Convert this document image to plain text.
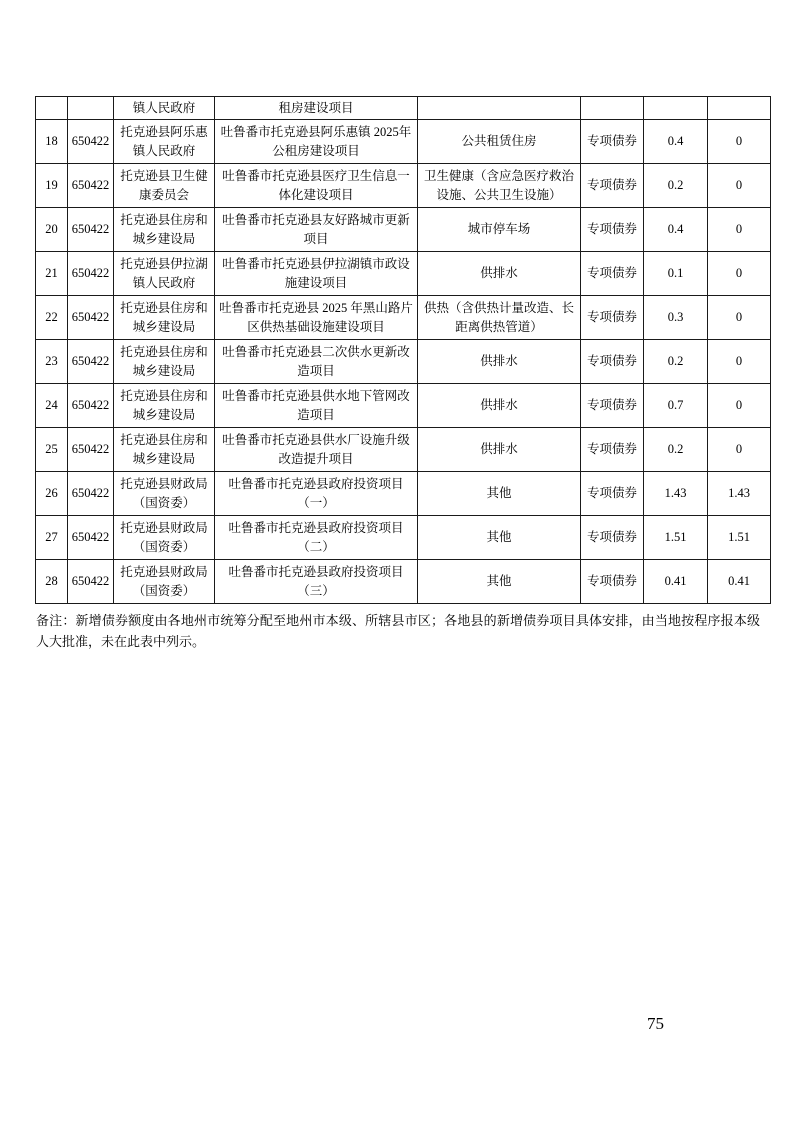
		镇人民政府	租房建设项目				
18	650422	托克逊县阿乐惠镇人民政府	吐鲁番市托克逊县阿乐惠镇 2025年公租房建设项目	公共租赁住房	专项债券	0.4	0
19	650422	托克逊县卫生健康委员会	吐鲁番市托克逊县医疗卫生信息一体化建设项目	卫生健康（含应急医疗救治设施、公共卫生设施）	专项债券	0.2	0
20	650422	托克逊县住房和城乡建设局	吐鲁番市托克逊县友好路城市更新项目	城市停车场	专项债券	0.4	0
21	650422	托克逊县伊拉湖镇人民政府	吐鲁番市托克逊县伊拉湖镇市政设施建设项目	供排水	专项债券	0.1	0
22	650422	托克逊县住房和城乡建设局	吐鲁番市托克逊县 2025 年黑山路片区供热基础设施建设项目	供热（含供热计量改造、长距离供热管道）	专项债券	0.3	0
23	650422	托克逊县住房和城乡建设局	吐鲁番市托克逊县二次供水更新改造项目	供排水	专项债券	0.2	0
24	650422	托克逊县住房和城乡建设局	吐鲁番市托克逊县供水地下管网改造项目	供排水	专项债券	0.7	0
25	650422	托克逊县住房和城乡建设局	吐鲁番市托克逊县供水厂设施升级改造提升项目	供排水	专项债券	0.2	0
26	650422	托克逊县财政局（国资委）	吐鲁番市托克逊县政府投资项目（一）	其他	专项债券	1.43	1.43
27	650422	托克逊县财政局（国资委）	吐鲁番市托克逊县政府投资项目（二）	其他	专项债券	1.51	1.51
28	650422	托克逊县财政局（国资委）	吐鲁番市托克逊县政府投资项目（三）	其他	专项债券	0.41	0.41
备注：新增债券额度由各地州市统筹分配至地州市本级、所辖县市区；各地县的新增债券项目具体安排，由当地按程序报本级人大批准，未在此表中列示。
75
